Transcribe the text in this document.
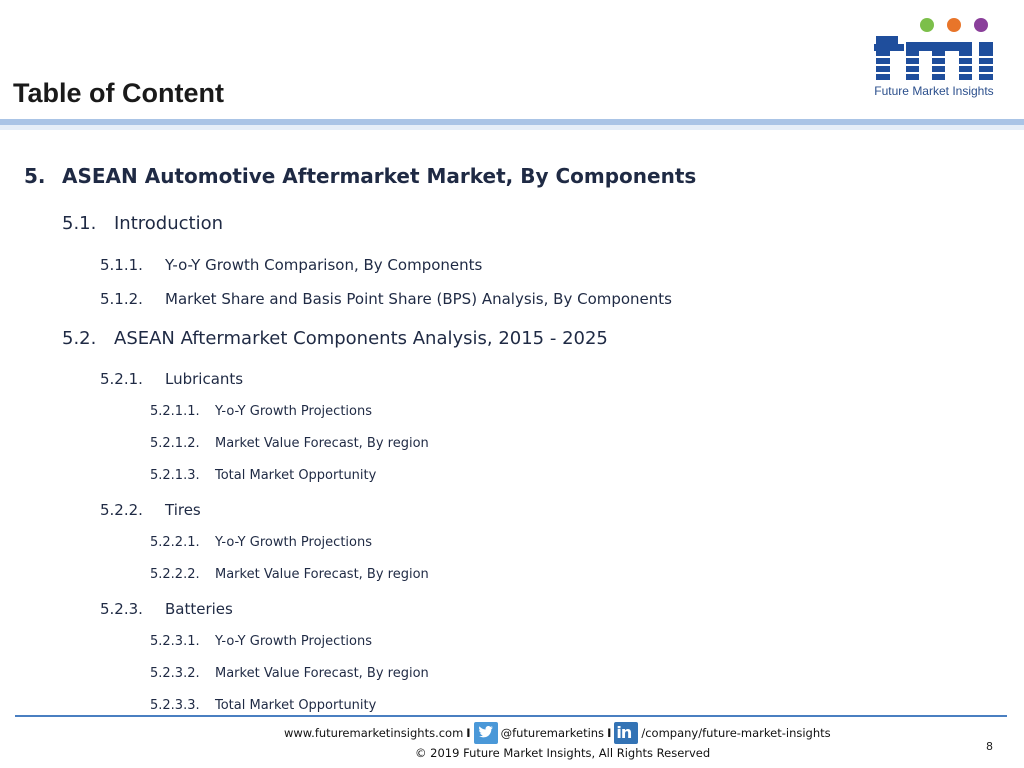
Table of Content	Future Market Insights
5. ASEAN Automotive Aftermarket Market, By Components
5.1. Introduction
5.1.1. Y-o-Y Growth Comparison, By Components
5.1.2. Market Share and Basis Point Share (BPS) Analysis, By Components
5.2. ASEAN Aftermarket Components Analysis, 2015 - 2025
5.2.1. Lubricants
5.2.1.1. Y-o-Y Growth Projections
5.2.1.2. Market Value Forecast, By region
5.2.1.3. Total Market Opportunity
5.2.2. Tires
5.2.2.1. Y-o-Y Growth Projections
5.2.2.2. Market Value Forecast, By region
5.2.3. Batteries
5.2.3.1. Y-o-Y Growth Projections
5.2.3.2. Market Value Forecast, By region
5.2.3.3. Total Market Opportunity
www.futuremarketinsights.com I	@futuremarketins I in /company/future-market-insights
© 2019 Future Market Insights, All Rights Reserved	8
